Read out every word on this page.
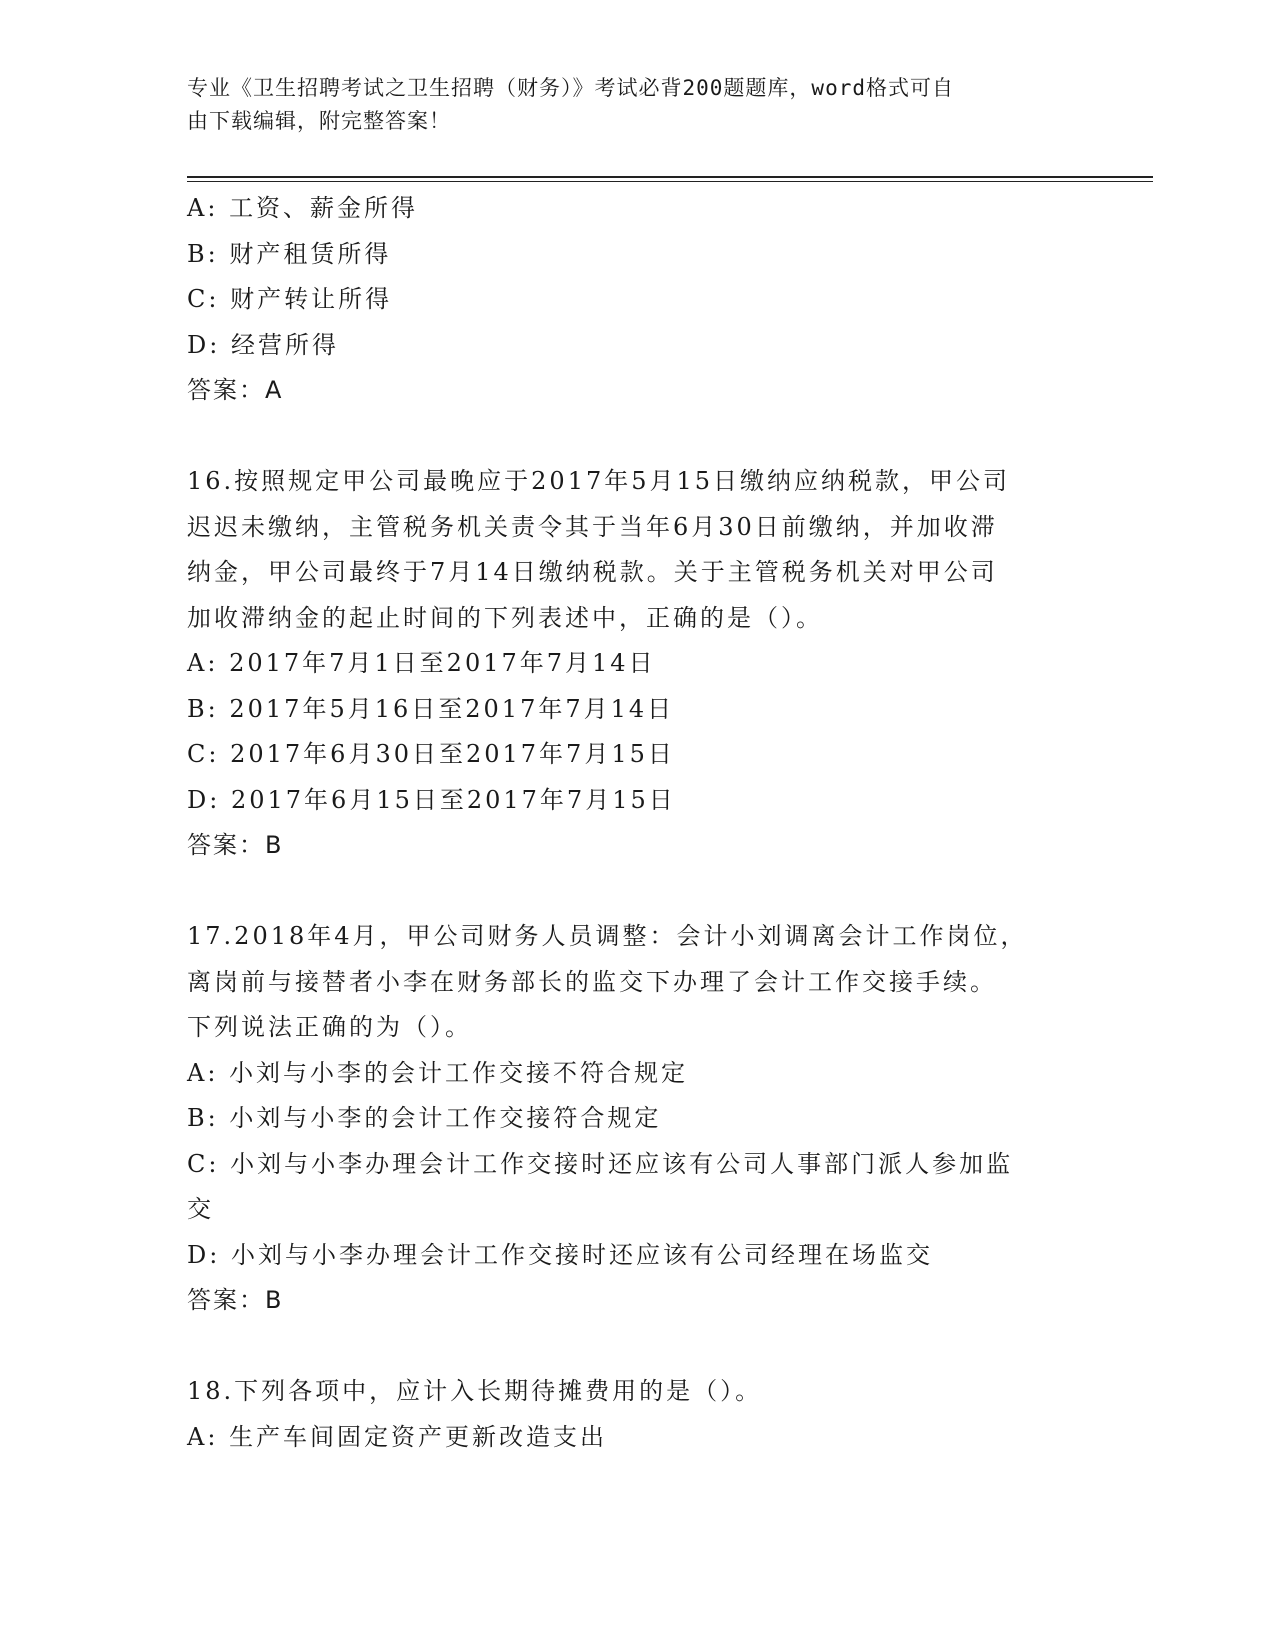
专业《卫生招聘考试之卫生招聘（财务）》考试必背200题题库，word格式可自
由下载编辑，附完整答案！
A: 工资、薪金所得
B: 财产租赁所得
C: 财产转让所得
D: 经营所得
答案：A
16.按照规定甲公司最晚应于2017年5月15日缴纳应纳税款，甲公司
迟迟未缴纳，主管税务机关责令其于当年6月30日前缴纳，并加收滞
纳金，甲公司最终于7月14日缴纳税款。关于主管税务机关对甲公司
加收滞纳金的起止时间的下列表述中，正确的是（）。
A: 2017年7月1日至2017年7月14日
B: 2017年5月16日至2017年7月14日
C: 2017年6月30日至2017年7月15日
D: 2017年6月15日至2017年7月15日
答案：B
17.2018年4月，甲公司财务人员调整：会计小刘调离会计工作岗位，
离岗前与接替者小李在财务部长的监交下办理了会计工作交接手续。
下列说法正确的为（）。
A: 小刘与小李的会计工作交接不符合规定
B: 小刘与小李的会计工作交接符合规定
C: 小刘与小李办理会计工作交接时还应该有公司人事部门派人参加监
交
D: 小刘与小李办理会计工作交接时还应该有公司经理在场监交
答案：B
18.下列各项中，应计入长期待摊费用的是（）。
A: 生产车间固定资产更新改造支出
